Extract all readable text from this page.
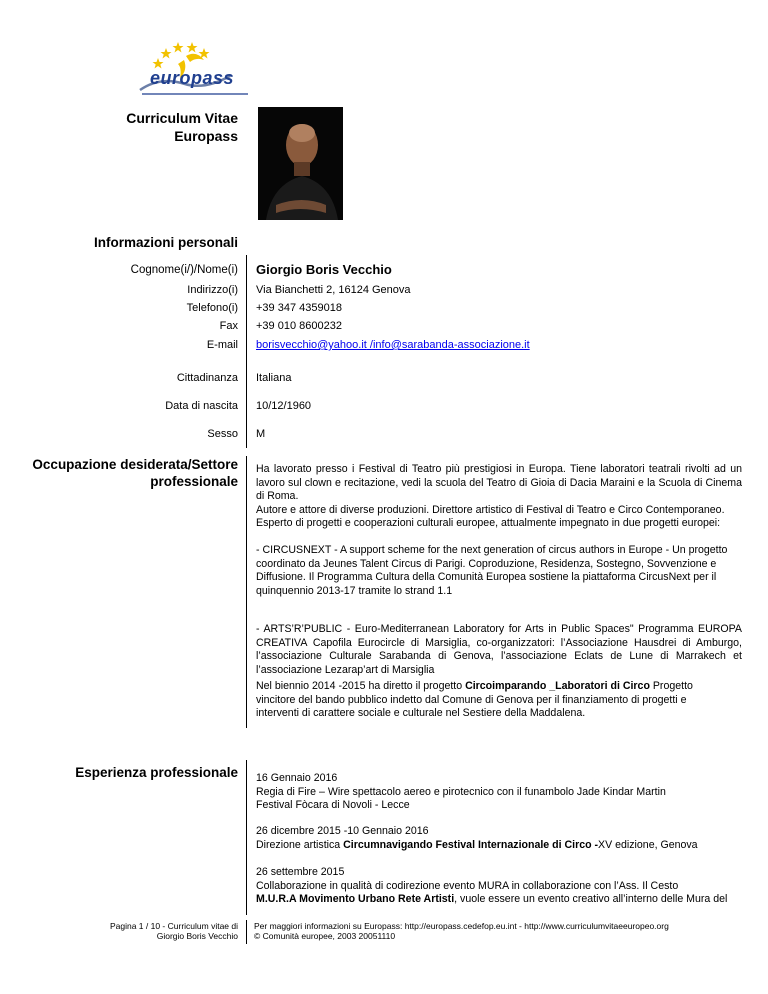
europass
Curriculum Vitae
Europass
Informazioni personali
Cognome(i/)/Nome(i) Giorgio Boris Vecchio
Indirizzo(i) Via Bianchetti 2, 16124 Genova
Telefono(i) +39 347 4359018
Fax +39 010 8600232
E-mail borisvecchio@yahoo.it /info@sarabanda-associazione.it
Cittadinanza Italiana
Data di nascita 10/12/1960
Sesso M
Occupazione desiderata/Settore
professionale
Ha lavorato presso i Festival di Teatro più prestigiosi in Europa. Tiene laboratori teatrali rivolti ad un lavoro sul clown e recitazione, vedi la scuola del Teatro di Gioia di Dacia Maraini e la Scuola di Cinema di Roma.
Autore e attore di diverse produzioni. Direttore artistico di Festival di Teatro e Circo Contemporaneo.
Esperto di progetti e cooperazioni culturali europee, attualmente impegnato in due progetti europei:
- CIRCUSNEXT - A support scheme for the next generation of circus authors in Europe - Un progetto coordinato da Jeunes Talent Circus di Parigi. Coproduzione, Residenza, Sostegno, Sovvenzione e Diffusione. Il Programma Cultura della Comunità Europea sostiene la piattaforma CircusNext per il quinquennio 2013-17 tramite lo strand 1.1
- ARTS’R’PUBLIC - Euro-Mediterranean Laboratory for Arts in Public Spaces" Programma EUROPA CREATIVA Capofila Eurocircle di Marsiglia, co-organizzatori: l’Associazione Hausdrei di Amburgo, l’associazione Culturale Sarabanda di Genova, l’associazione Eclats de Lune di Marrakech et l’associazione Lezarap’art di Marsiglia
Nel biennio 2014 -2015 ha diretto il progetto Circoimparando _Laboratori di Circo Progetto vincitore del bando pubblico indetto dal Comune di Genova per il finanziamento di progetti e interventi di carattere sociale e culturale nel Sestiere della Maddalena.
Esperienza professionale 16 Gennaio 2016
Regia di Fire – Wire spettacolo aereo e pirotecnico con il funambolo Jade Kindar Martin
Festival Fòcara di Novoli - Lecce
26 dicembre 2015 -10 Gennaio 2016
Direzione artistica Circumnavigando Festival Internazionale di Circo -XV edizione, Genova
26 settembre 2015
Collaborazione in qualità di codirezione evento MURA in collaborazione con l’Ass. Il Cesto
M.U.R.A Movimento Urbano Rete Artisti, vuole essere un evento creativo all’interno delle Mura del
Pagina 1 / 10 - Curriculum vitae di
Giorgio Boris Vecchio
Per maggiori informazioni su Europass: http://europass.cedefop.eu.int - http://www.curriculumvitaeeuropeo.org
© Comunità europee, 2003 20051110
